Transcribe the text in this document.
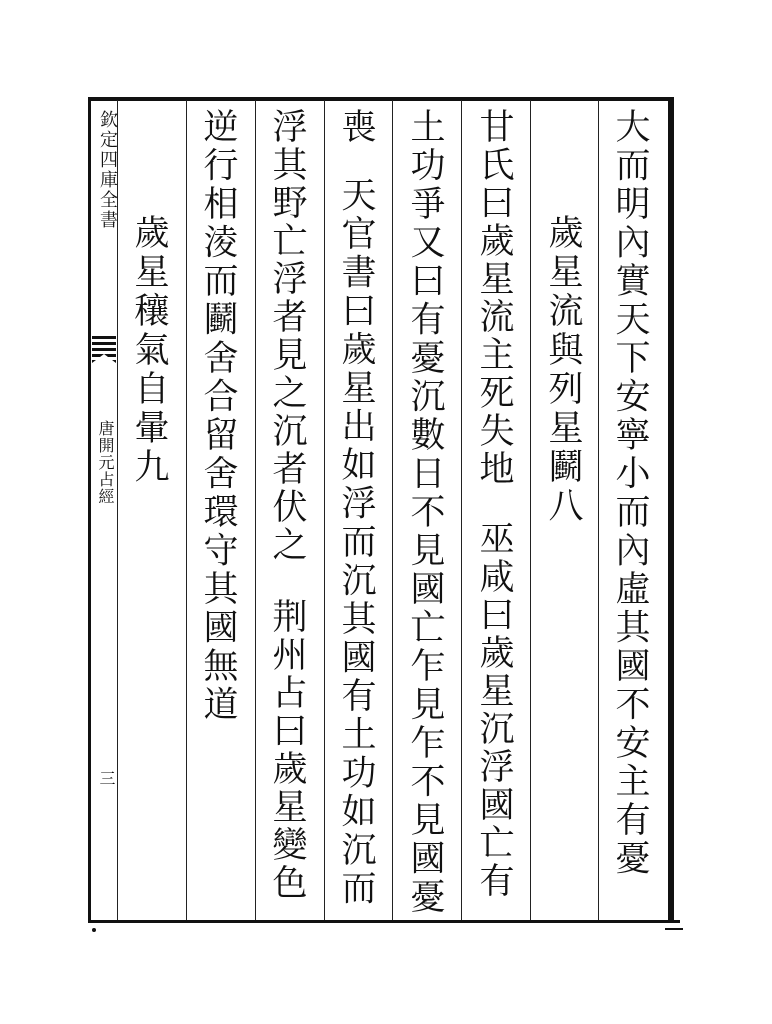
欽定四庫全書
唐開元占經
三	大而明內實天下安寧小而內虛其國不安主有憂
歲星流與列星鬬八
甘氏曰歲星流主死失地巫咸曰歲星沉浮國亡有
土功爭又曰有憂沉數日不見國亡乍見乍不見國憂
喪天官書曰歲星出如浮而沉其國有土功如沉而
浮其野亡浮者見之沉者伏之荆州占曰歲星變色
逆行相淩而鬬舍合留舍環守其國無道
歲星穰氣自暈九
